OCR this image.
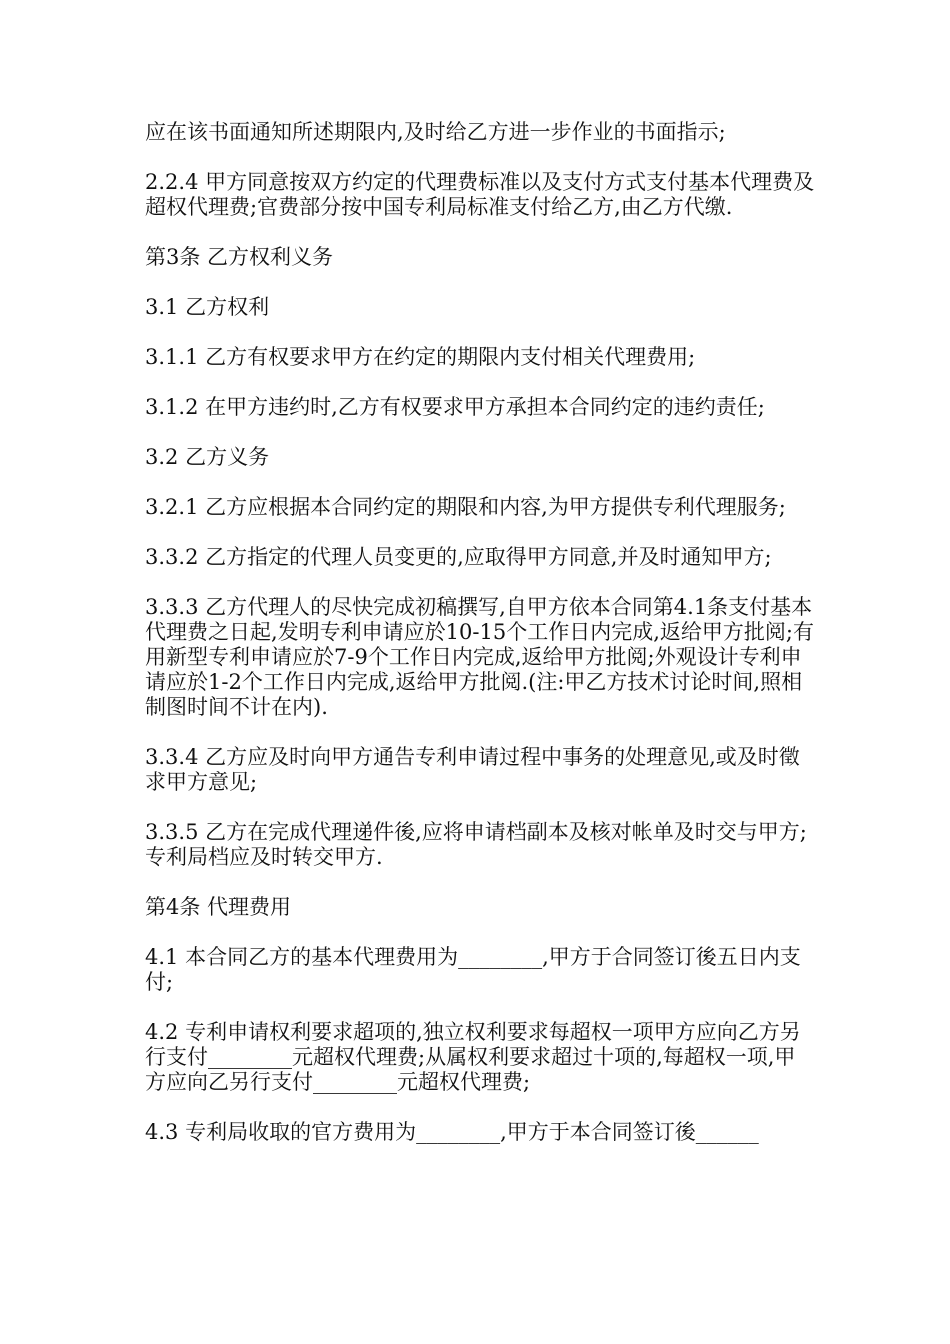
应在该书面通知所述期限内,及时给乙方进一步作业的书面指示;

2.2.4 甲方同意按双方约定的代理费标准以及支付方式支付基本代理费及超权代理费;官费部分按中国专利局标准支付给乙方,由乙方代缴.

第3条 乙方权利义务

3.1 乙方权利

3.1.1 乙方有权要求甲方在约定的期限内支付相关代理费用;

3.1.2 在甲方违约时,乙方有权要求甲方承担本合同约定的违约责任;

3.2 乙方义务

3.2.1 乙方应根据本合同约定的期限和内容,为甲方提供专利代理服务;

3.3.2 乙方指定的代理人员变更的,应取得甲方同意,并及时通知甲方;

3.3.3 乙方代理人的尽快完成初稿撰写,自甲方依本合同第4.1条支付基本代理费之日起,发明专利申请应於10-15个工作日内完成,返给甲方批阅;有用新型专利申请应於7-9个工作日内完成,返给甲方批阅;外观设计专利申请应於1-2个工作日内完成,返给甲方批阅.(注:甲乙方技术讨论时间,照相制图时间不计在内).

3.3.4 乙方应及时向甲方通告专利申请过程中事务的处理意见,或及时徵求甲方意见;

3.3.5 乙方在完成代理递件後,应将申请档副本及核对帐单及时交与甲方;专利局档应及时转交甲方.

第4条 代理费用

4.1 本合同乙方的基本代理费用为________,甲方于合同签订後五日内支付;

4.2 专利申请权利要求超项的,独立权利要求每超权一项甲方应向乙方另行支付________元超权代理费;从属权利要求超过十项的,每超权一项,甲方应向乙另行支付________元超权代理费;

4.3 专利局收取的官方费用为________,甲方于本合同签订後______
